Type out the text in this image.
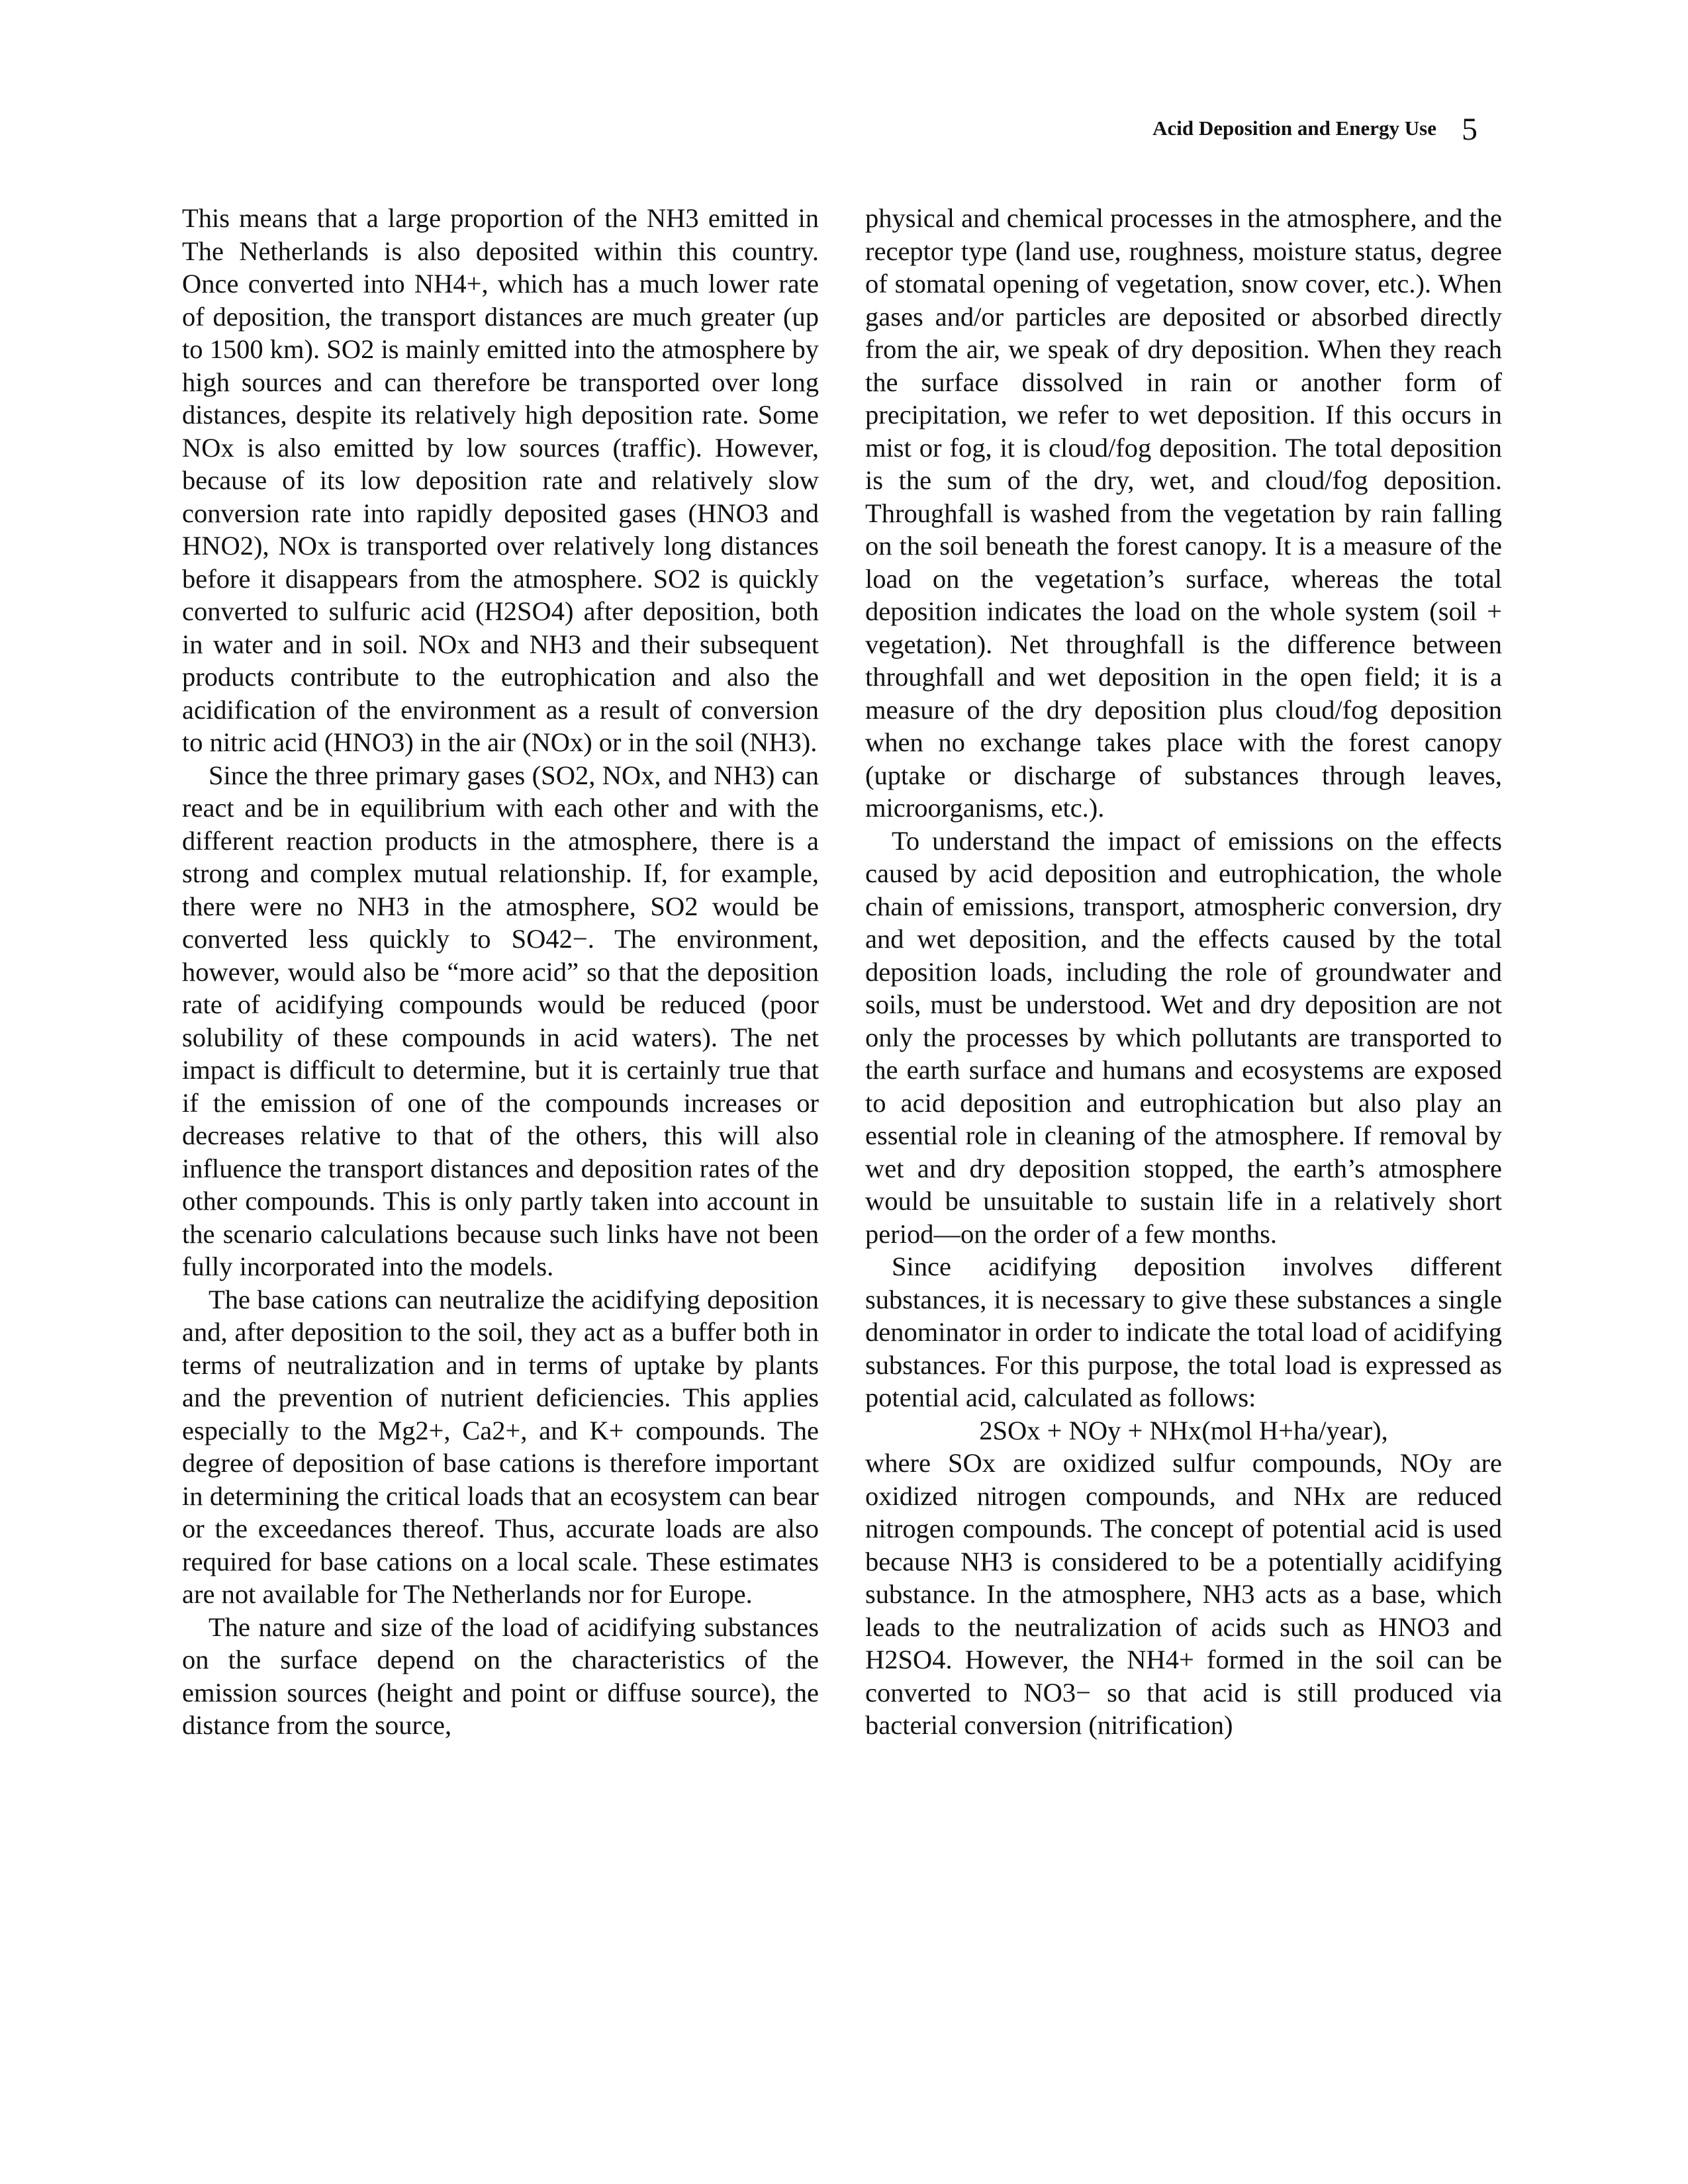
Acid Deposition and Energy Use 5

This means that a large proportion of the NH3 emitted in The Netherlands is also deposited within this country. Once converted into NH4+, which has a much lower rate of deposition, the transport distances are much greater (up to 1500 km). SO2 is mainly emitted into the atmosphere by high sources and can therefore be transported over long distances, despite its relatively high deposition rate. Some NOx is also emitted by low sources (traffic). However, because of its low deposition rate and relatively slow conversion rate into rapidly deposited gases (HNO3 and HNO2), NOx is transported over relatively long distances before it disappears from the atmosphere. SO2 is quickly converted to sulfuric acid (H2SO4) after deposition, both in water and in soil. NOx and NH3 and their subsequent products contribute to the eutrophication and also the acidification of the environment as a result of conversion to nitric acid (HNO3) in the air (NOx) or in the soil (NH3).

Since the three primary gases (SO2, NOx, and NH3) can react and be in equilibrium with each other and with the different reaction products in the atmosphere, there is a strong and complex mutual relationship. If, for example, there were no NH3 in the atmosphere, SO2 would be converted less quickly to SO42−. The environment, however, would also be “more acid” so that the deposition rate of acidifying compounds would be reduced (poor solubility of these compounds in acid waters). The net impact is difficult to determine, but it is certainly true that if the emission of one of the compounds increases or decreases relative to that of the others, this will also influence the transport distances and deposition rates of the other compounds. This is only partly taken into account in the scenario calculations because such links have not been fully incorporated into the models.

The base cations can neutralize the acidifying deposition and, after deposition to the soil, they act as a buffer both in terms of neutralization and in terms of uptake by plants and the prevention of nutrient deficiencies. This applies especially to the Mg2+, Ca2+, and K+ compounds. The degree of deposition of base cations is therefore important in determining the critical loads that an ecosystem can bear or the exceedances thereof. Thus, accurate loads are also required for base cations on a local scale. These estimates are not available for The Netherlands nor for Europe.

The nature and size of the load of acidifying substances on the surface depend on the characteristics of the emission sources (height and point or diffuse source), the distance from the source,

physical and chemical processes in the atmosphere, and the receptor type (land use, roughness, moisture status, degree of stomatal opening of vegetation, snow cover, etc.). When gases and/or particles are deposited or absorbed directly from the air, we speak of dry deposition. When they reach the surface dissolved in rain or another form of precipitation, we refer to wet deposition. If this occurs in mist or fog, it is cloud/fog deposition. The total deposition is the sum of the dry, wet, and cloud/fog deposition. Throughfall is washed from the vegetation by rain falling on the soil beneath the forest canopy. It is a measure of the load on the vegetation’s surface, whereas the total deposition indicates the load on the whole system (soil + vegetation). Net throughfall is the difference between throughfall and wet deposition in the open field; it is a measure of the dry deposition plus cloud/fog deposition when no exchange takes place with the forest canopy (uptake or discharge of substances through leaves, microorganisms, etc.).

To understand the impact of emissions on the effects caused by acid deposition and eutrophication, the whole chain of emissions, transport, atmospheric conversion, dry and wet deposition, and the effects caused by the total deposition loads, including the role of groundwater and soils, must be understood. Wet and dry deposition are not only the processes by which pollutants are transported to the earth surface and humans and ecosystems are exposed to acid deposition and eutrophication but also play an essential role in cleaning of the atmosphere. If removal by wet and dry deposition stopped, the earth’s atmosphere would be unsuitable to sustain life in a relatively short period—on the order of a few months.

Since acidifying deposition involves different substances, it is necessary to give these substances a single denominator in order to indicate the total load of acidifying substances. For this purpose, the total load is expressed as potential acid, calculated as follows:

2SOx + NOy + NHx(mol H+ha/year),

where SOx are oxidized sulfur compounds, NOy are oxidized nitrogen compounds, and NHx are reduced nitrogen compounds. The concept of potential acid is used because NH3 is considered to be a potentially acidifying substance. In the atmosphere, NH3 acts as a base, which leads to the neutralization of acids such as HNO3 and H2SO4. However, the NH4+ formed in the soil can be converted to NO3− so that acid is still produced via bacterial conversion (nitrification)
